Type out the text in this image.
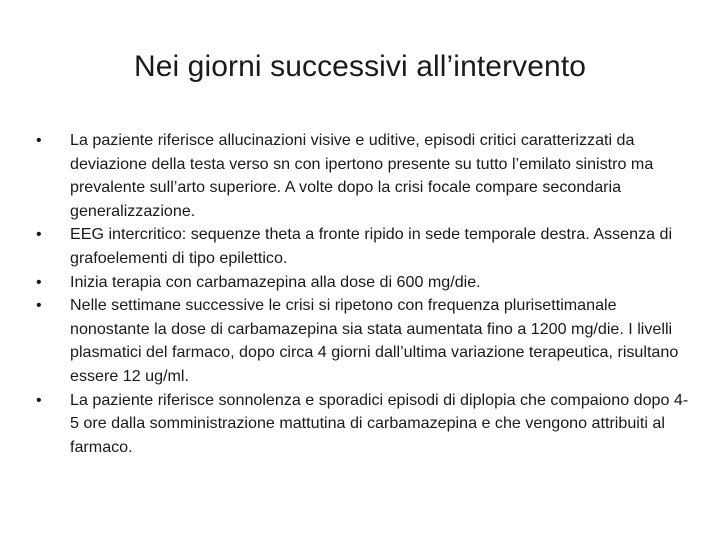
Nei giorni successivi all’intervento
•	La paziente riferisce allucinazioni visive e uditive, episodi critici caratterizzati da deviazione della testa verso sn con ipertono presente su tutto l’emilato sinistro ma prevalente sull’arto superiore. A volte dopo la crisi focale compare secondaria generalizzazione.
•	EEG intercritico: sequenze theta a fronte ripido in sede temporale destra. Assenza di grafoelementi di tipo epilettico.
•	Inizia terapia con carbamazepina alla dose di 600 mg/die.
•	Nelle settimane successive le crisi si ripetono con frequenza plurisettimanale nonostante la dose di carbamazepina sia stata aumentata fino a 1200 mg/die. I livelli plasmatici del farmaco, dopo circa 4 giorni dall’ultima variazione terapeutica, risultano essere 12 ug/ml.
•	La paziente riferisce sonnolenza e sporadici episodi di diplopia che compaiono dopo 4-5 ore dalla somministrazione mattutina di carbamazepina e che vengono attribuiti al farmaco.
